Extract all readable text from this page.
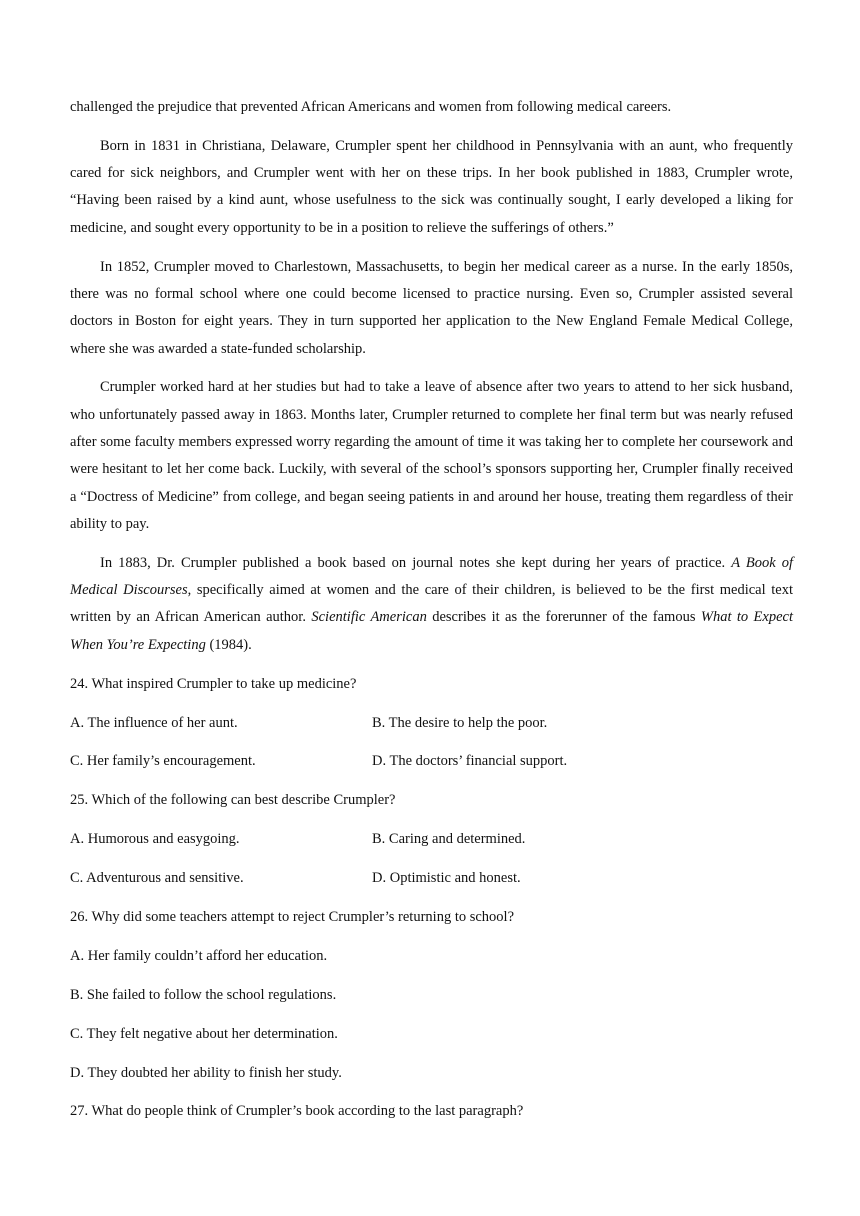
challenged the prejudice that prevented African Americans and women from following medical careers.

Born in 1831 in Christiana, Delaware, Crumpler spent her childhood in Pennsylvania with an aunt, who frequently cared for sick neighbors, and Crumpler went with her on these trips. In her book published in 1883, Crumpler wrote, “Having been raised by a kind aunt, whose usefulness to the sick was continually sought, I early developed a liking for medicine, and sought every opportunity to be in a position to relieve the sufferings of others.”

In 1852, Crumpler moved to Charlestown, Massachusetts, to begin her medical career as a nurse. In the early 1850s, there was no formal school where one could become licensed to practice nursing. Even so, Crumpler assisted several doctors in Boston for eight years. They in turn supported her application to the New England Female Medical College, where she was awarded a state-funded scholarship.

Crumpler worked hard at her studies but had to take a leave of absence after two years to attend to her sick husband, who unfortunately passed away in 1863. Months later, Crumpler returned to complete her final term but was nearly refused after some faculty members expressed worry regarding the amount of time it was taking her to complete her coursework and were hesitant to let her come back. Luckily, with several of the school’s sponsors supporting her, Crumpler finally received a “Doctress of Medicine” from college, and began seeing patients in and around her house, treating them regardless of their ability to pay.

In 1883, Dr. Crumpler published a book based on journal notes she kept during her years of practice. A Book of Medical Discourses, specifically aimed at women and the care of their children, is believed to be the first medical text written by an African American author. Scientific American describes it as the forerunner of the famous What to Expect When You’re Expecting (1984).

24. What inspired Crumpler to take up medicine?
A. The influence of her aunt.	B. The desire to help the poor.
C. Her family’s encouragement.	D. The doctors’ financial support.
25. Which of the following can best describe Crumpler?
A. Humorous and easygoing.	B. Caring and determined.
C. Adventurous and sensitive.	D. Optimistic and honest.
26. Why did some teachers attempt to reject Crumpler’s returning to school?
A. Her family couldn’t afford her education.
B. She failed to follow the school regulations.
C. They felt negative about her determination.
D. They doubted her ability to finish her study.
27. What do people think of Crumpler’s book according to the last paragraph?
